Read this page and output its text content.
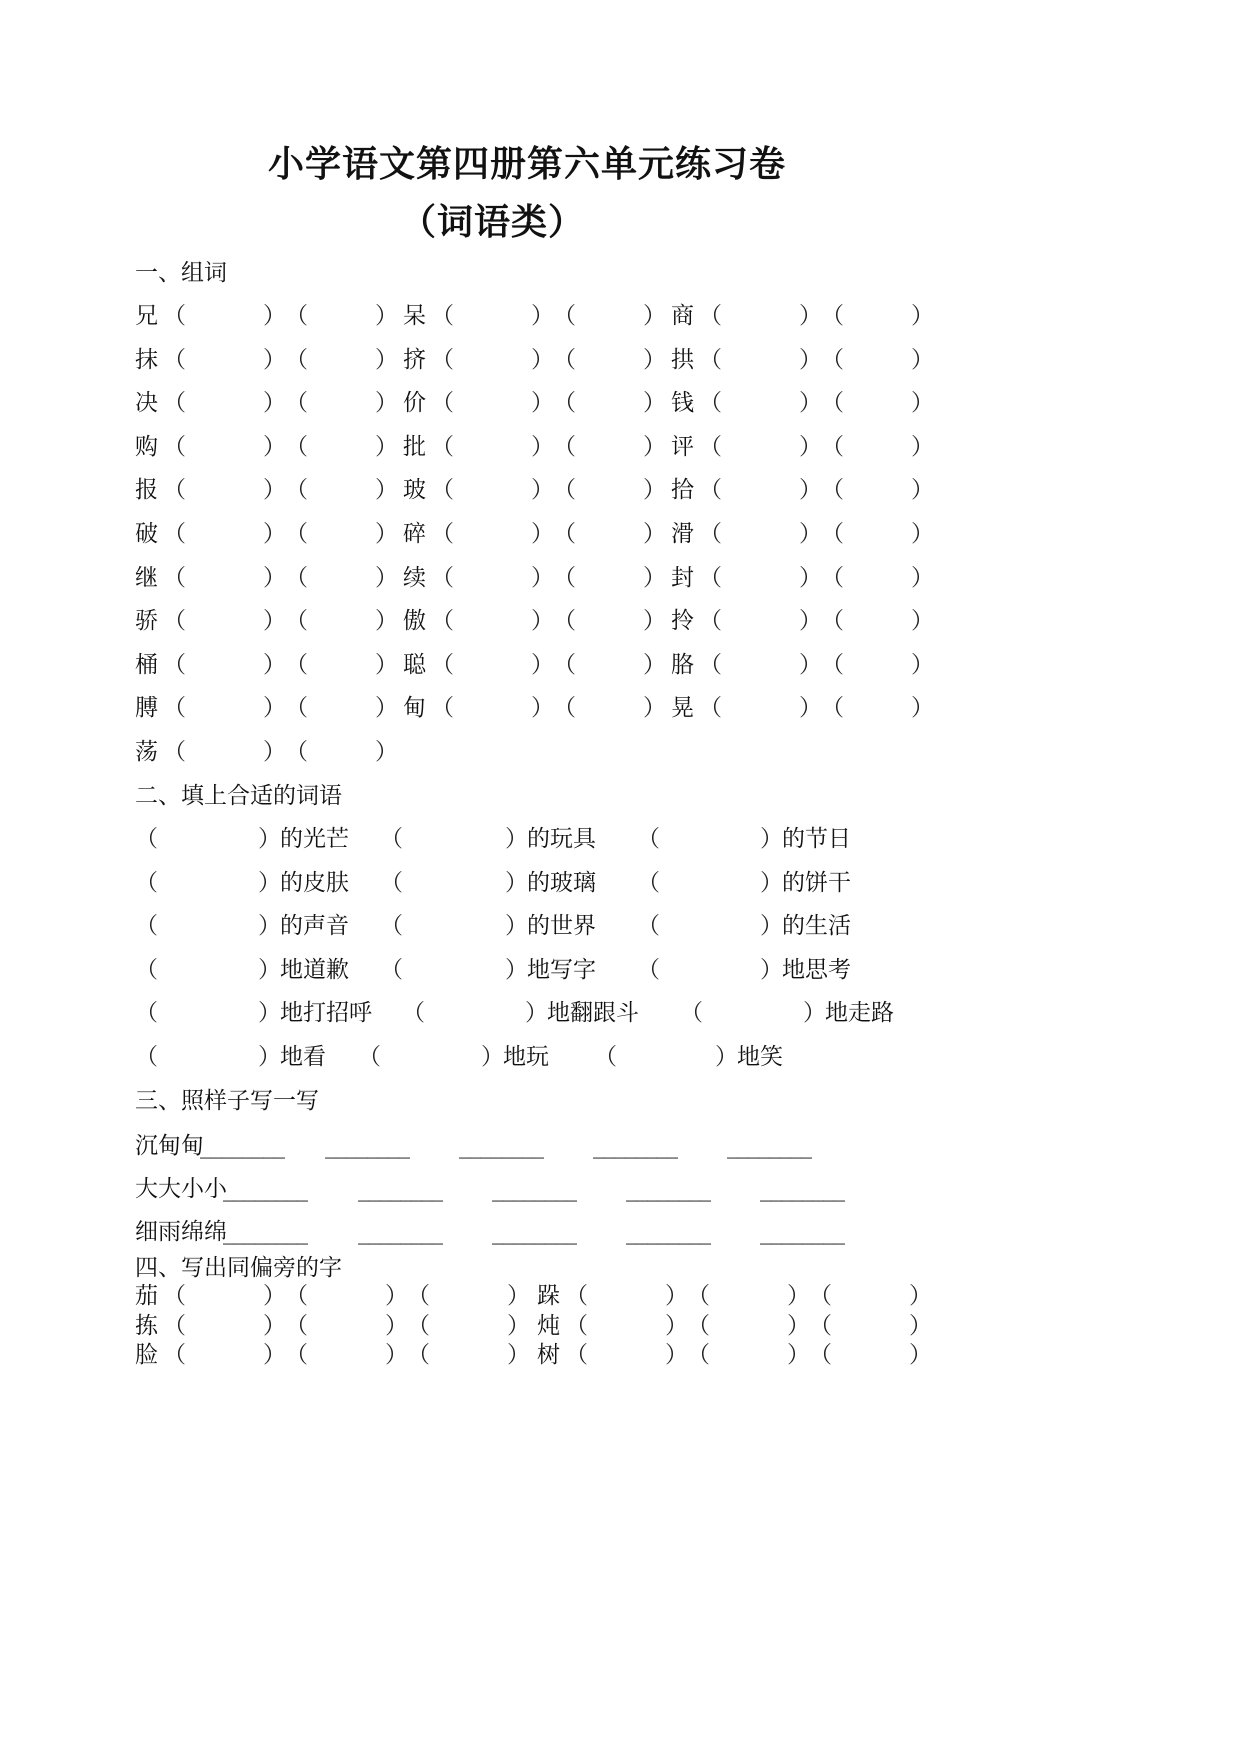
小学语文第四册第六单元练习卷
（词语类）
一、组词
兄 （	） （	） 呆 （	） （	） 商 （	） （	）
抹 （	） （	） 挤 （	） （	） 拱 （	） （	）
决 （	） （	） 价 （	） （	） 钱 （	） （	）
购 （	） （	） 批 （	） （	） 评 （	） （	）
报 （	） （	） 玻 （	） （	） 拾 （	） （	）
破 （	） （	） 碎 （	） （	） 滑 （	） （	）
继 （	） （	） 续 （	） （	） 封 （	） （	）
骄 （	） （	） 傲 （	） （	） 拎 （	） （	）
桶 （	） （	） 聪 （	） （	） 胳 （	） （	）
膊 （	） （	） 甸 （	） （	） 晃 （	） （	）
荡 （	） （	）
二、填上合适的词语
（	） 的光芒 （	） 的玩具 （	） 的节日
（	） 的皮肤 （	） 的玻璃 （	） 的饼干
（	） 的声音 （	） 的世界 （	） 的生活
（	） 地道歉 （	） 地写字 （	） 地思考
（	） 地打招呼 （	） 地翻跟斗 （	） 地走路
（	） 地看 （	） 地玩 （	） 地笑
三、照样子写一写
沉甸甸
________ ________ ________ ________ ________
大大小小
________ ________ ________ ________ ________
细雨绵绵
________ ________ ________ ________ ________
四、写出同偏旁的字
茄 （	） （	） （	） 跺 （	） （	） （	）
拣 （	） （	） （	） 炖 （	） （	） （	）
脸 （	） （	） （	） 树 （	） （	） （	）
